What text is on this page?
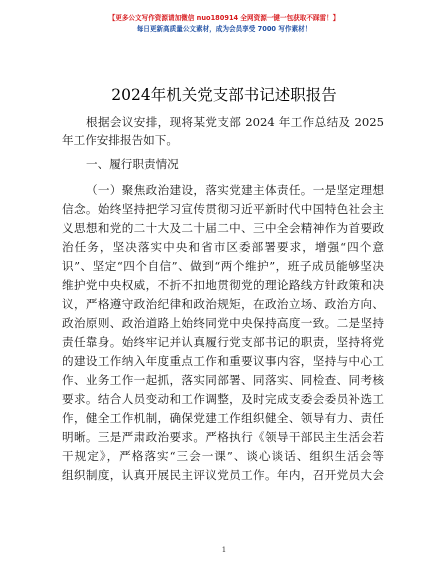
【更多公文写作资源请加微信 nuo180914 全网资源一键一包获取不踩雷！】
每日更新高质量公文素材，成为会员享受 7000 写作素材！
2024年机关党支部书记述职报告
根据会议安排，现将某党支部 2024 年工作总结及 2025
年工作安排报告如下。
一、履行职责情况
（一）聚焦政治建设，落实党建主体责任。一是坚定理想
信念。始终坚持把学习宣传贯彻习近平新时代中国特色社会主
义思想和党的二十大及二十届二中、三中全会精神作为首要政
治任务，坚决落实中央和省市区委部署要求，增强“四个意
识”、坚定“四个自信”、做到“两个维护”，班子成员能够坚决
维护党中央权威，不折不扣地贯彻党的理论路线方针政策和决
议，严格遵守政治纪律和政治规矩，在政治立场、政治方向、
政治原则、政治道路上始终同党中央保持高度一致。二是坚持
责任靠身。始终牢记并认真履行党支部书记的职责，坚持将党
的建设工作纳入年度重点工作和重要议事内容，坚持与中心工
作、业务工作一起抓，落实同部署、同落实、同检查、同考核
要求。结合人员变动和工作调整，及时完成支委会委员补选工
作，健全工作机制，确保党建工作组织健全、领导有力、责任
明晰。三是严肃政治要求。严格执行《领导干部民主生活会若
干规定》，严格落实“三会一课”、谈心谈话、组织生活会等
组织制度，认真开展民主评议党员工作。年内，召开党员大会
1
